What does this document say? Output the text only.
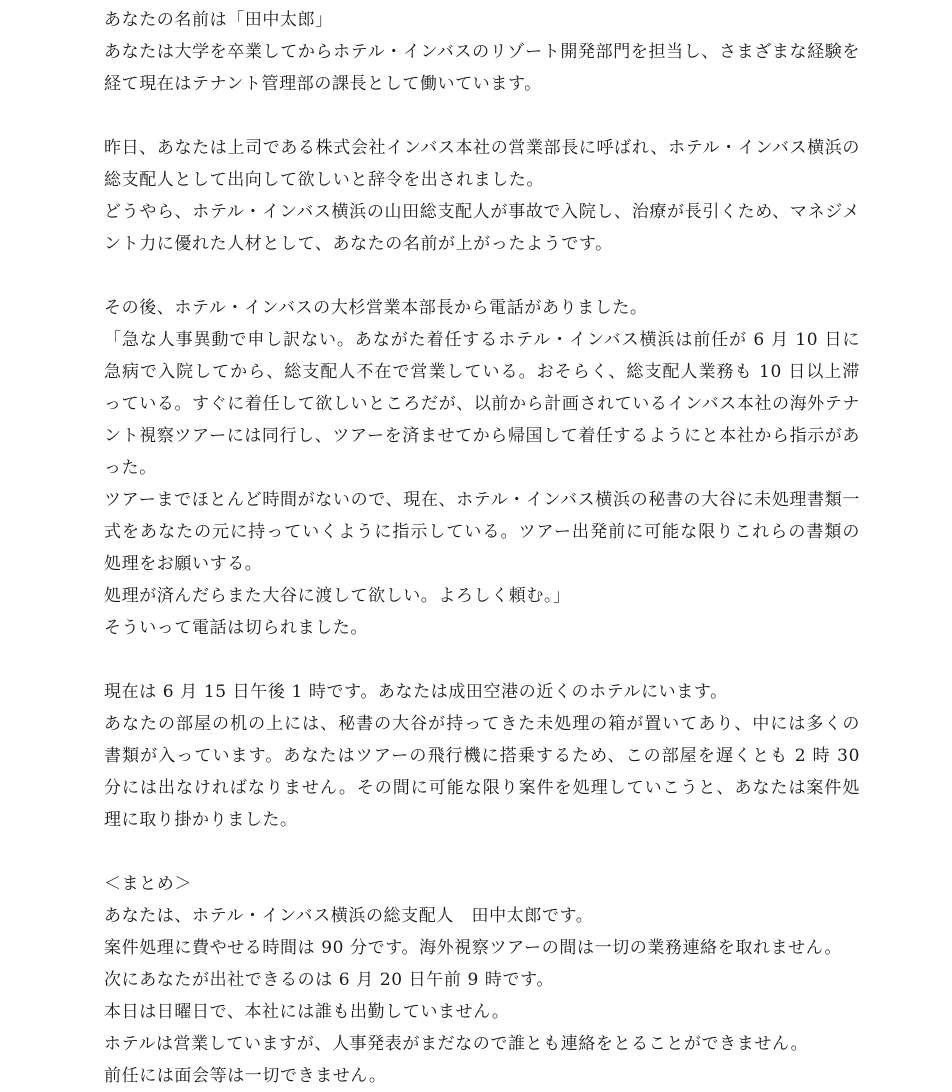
あなたの名前は「田中太郎」

あなたは大学を卒業してからホテル・インバスのリゾート開発部門を担当し、さまざまな経験を経て現在はテナント管理部の課長として働いています。

昨日、あなたは上司である株式会社インバス本社の営業部長に呼ばれ、ホテル・インバス横浜の総支配人として出向して欲しいと辞令を出されました。

どうやら、ホテル・インバス横浜の山田総支配人が事故で入院し、治療が長引くため、マネジメント力に優れた人材として、あなたの名前が上がったようです。

その後、ホテル・インバスの大杉営業本部長から電話がありました。

「急な人事異動で申し訳ない。あながた着任するホテル・インバス横浜は前任が 6 月 10 日に急病で入院してから、総支配人不在で営業している。おそらく、総支配人業務も 10 日以上滞っている。すぐに着任して欲しいところだが、以前から計画されているインバス本社の海外テナント視察ツアーには同行し、ツアーを済ませてから帰国して着任するようにと本社から指示があった。

ツアーまでほとんど時間がないので、現在、ホテル・インバス横浜の秘書の大谷に未処理書類一式をあなたの元に持っていくように指示している。ツアー出発前に可能な限りこれらの書類の処理をお願いする。

処理が済んだらまた大谷に渡して欲しい。よろしく頼む。」

そういって電話は切られました。

現在は 6 月 15 日午後 1 時です。あなたは成田空港の近くのホテルにいます。

あなたの部屋の机の上には、秘書の大谷が持ってきた未処理の箱が置いてあり、中には多くの書類が入っています。あなたはツアーの飛行機に搭乗するため、この部屋を遅くとも 2 時 30 分には出なければなりません。その間に可能な限り案件を処理していこうと、あなたは案件処理に取り掛かりました。

＜まとめ＞

あなたは、ホテル・インバス横浜の総支配人　田中太郎です。

案件処理に費やせる時間は 90 分です。海外視察ツアーの間は一切の業務連絡を取れません。

次にあなたが出社できるのは 6 月 20 日午前 9 時です。

本日は日曜日で、本社には誰も出勤していません。

ホテルは営業していますが、人事発表がまだなので誰とも連絡をとることができません。

前任には面会等は一切できません。
